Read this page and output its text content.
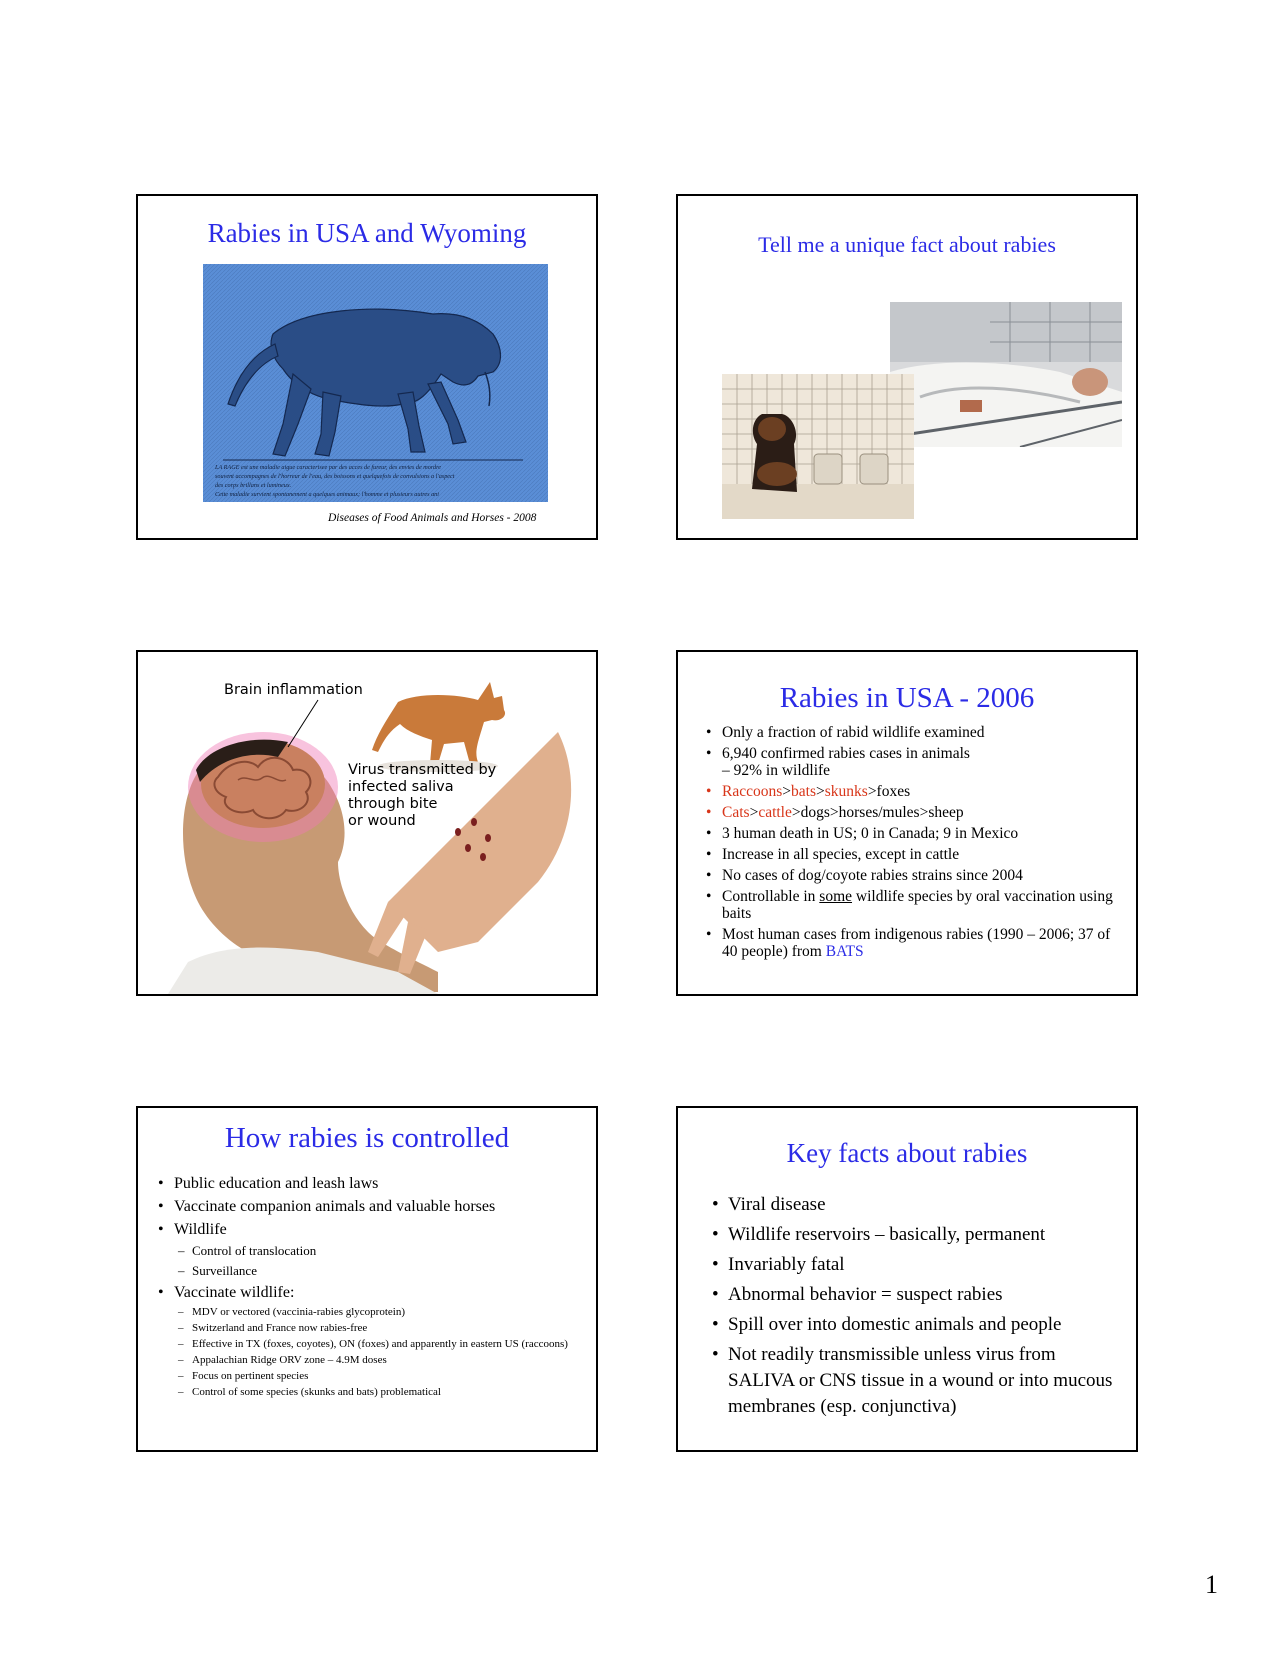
Rabies in USA and Wyoming
LA RAGE est une maladie aigue caracterisee par des acces de fureur, des envies de mordre
souvent accompagnes de l'horreur de l'eau, des boissons et quelquefois de convulsions a l'aspect
des corps brillans et lumineux.
Cette maladie survient spontanement a quelques animaux; l'homme et plusieurs autres ani
Diseases of Food Animals and Horses - 2008
Tell me a unique fact about rabies
Brain inflammation
Virus transmitted by
infected saliva
through bite
or wound
Rabies in USA - 2006
• Only a fraction of rabid wildlife examined
• 6,940 confirmed rabies cases in animals
– 92% in wildlife
• Raccoons>bats>skunks>foxes
• Cats>cattle>dogs>horses/mules>sheep
• 3 human death in US; 0 in Canada; 9 in Mexico
• Increase in all species, except in cattle
• No cases of dog/coyote rabies strains since 2004
• Controllable in some wildlife species by oral vaccination using baits
• Most human cases from indigenous rabies (1990 – 2006; 37 of 40 people) from BATS
How rabies is controlled
• Public education and leash laws
• Vaccinate companion animals and valuable horses
• Wildlife
– Control of translocation
– Surveillance
• Vaccinate wildlife:
– MDV or vectored (vaccinia-rabies glycoprotein)
– Switzerland and France now rabies-free
– Effective in TX (foxes, coyotes), ON (foxes) and apparently in eastern US (raccoons)
– Appalachian Ridge ORV zone – 4.9M doses
– Focus on pertinent species
– Control of some species (skunks and bats) problematical
Key facts about rabies
• Viral disease
• Wildlife reservoirs – basically, permanent
• Invariably fatal
• Abnormal behavior = suspect rabies
• Spill over into domestic animals and people
• Not readily transmissible unless virus from SALIVA or CNS tissue in a wound or into mucous membranes (esp. conjunctiva)
1
